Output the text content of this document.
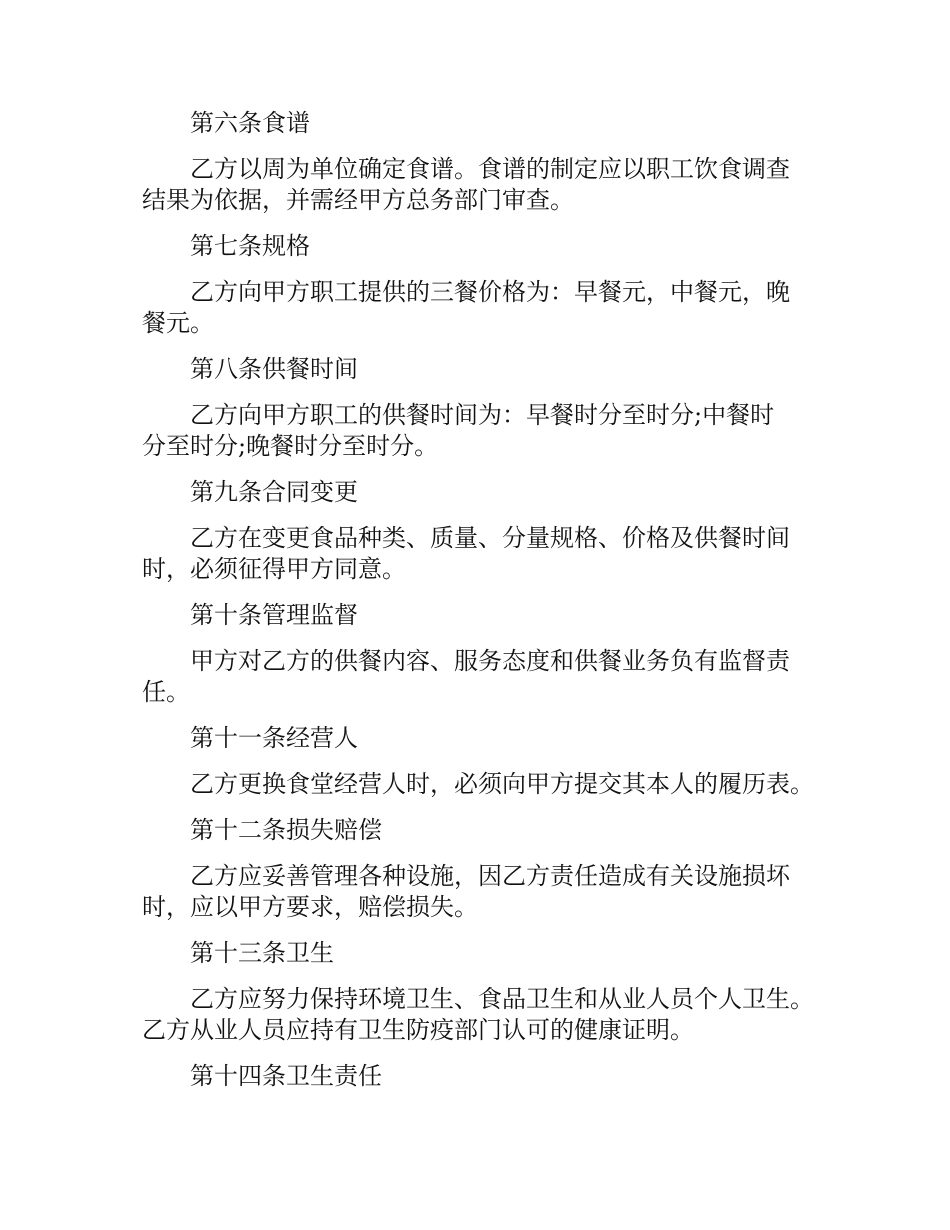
第六条食谱

乙方以周为单位确定食谱。食谱的制定应以职工饮食调查
结果为依据，并需经甲方总务部门审查。

第七条规格

乙方向甲方职工提供的三餐价格为：早餐元，中餐元，晚
餐元。

第八条供餐时间

乙方向甲方职工的供餐时间为：早餐时分至时分;中餐时
分至时分;晚餐时分至时分。

第九条合同变更

乙方在变更食品种类、质量、分量规格、价格及供餐时间
时，必须征得甲方同意。

第十条管理监督

甲方对乙方的供餐内容、服务态度和供餐业务负有监督责
任。

第十一条经营人

乙方更换食堂经营人时，必须向甲方提交其本人的履历表。

第十二条损失赔偿

乙方应妥善管理各种设施，因乙方责任造成有关设施损坏
时，应以甲方要求，赔偿损失。

第十三条卫生

乙方应努力保持环境卫生、食品卫生和从业人员个人卫生。
乙方从业人员应持有卫生防疫部门认可的健康证明。

第十四条卫生责任
